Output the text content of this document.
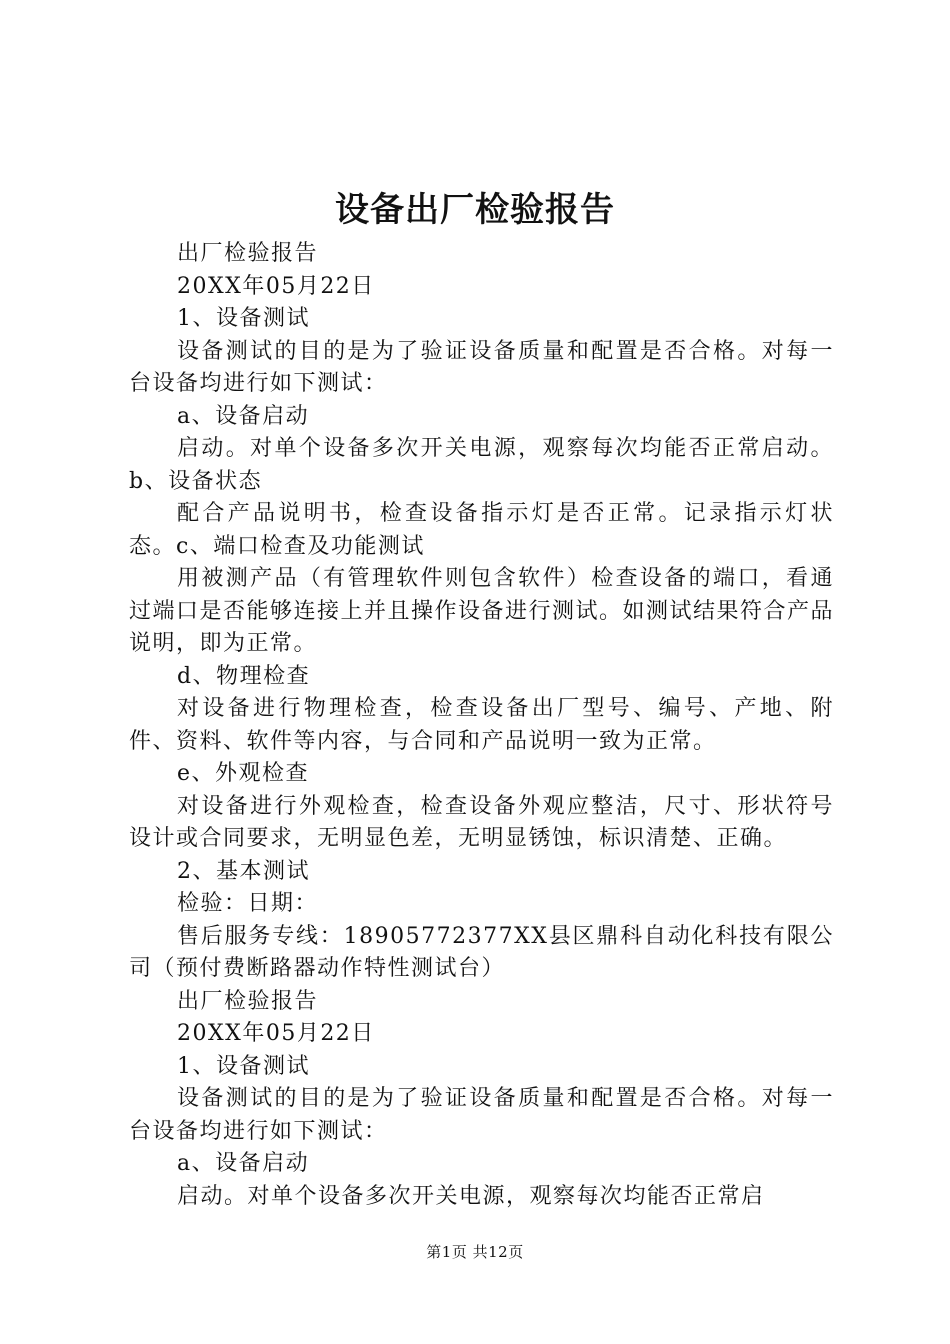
设备出厂检验报告

出厂检验报告

20XX年05月22日

1、设备测试

设备测试的目的是为了验证设备质量和配置是否合格。对每一台设备均进行如下测试：

a、设备启动

启动。对单个设备多次开关电源，观察每次均能否正常启动。b、设备状态

配合产品说明书，检查设备指示灯是否正常。记录指示灯状态。c、端口检查及功能测试

用被测产品（有管理软件则包含软件）检查设备的端口，看通过端口是否能够连接上并且操作设备进行测试。如测试结果符合产品说明，即为正常。

d、物理检查

对设备进行物理检查，检查设备出厂型号、编号、产地、附件、资料、软件等内容，与合同和产品说明一致为正常。

e、外观检查

对设备进行外观检查，检查设备外观应整洁，尺寸、形状符号设计或合同要求，无明显色差，无明显锈蚀，标识清楚、正确。

2、基本测试

检验：日期：

售后服务专线：18905772377XX县区鼎科自动化科技有限公司（预付费断路器动作特性测试台）

出厂检验报告

20XX年05月22日

1、设备测试

设备测试的目的是为了验证设备质量和配置是否合格。对每一台设备均进行如下测试：

a、设备启动

启动。对单个设备多次开关电源，观察每次均能否正常启

第1页 共12页
